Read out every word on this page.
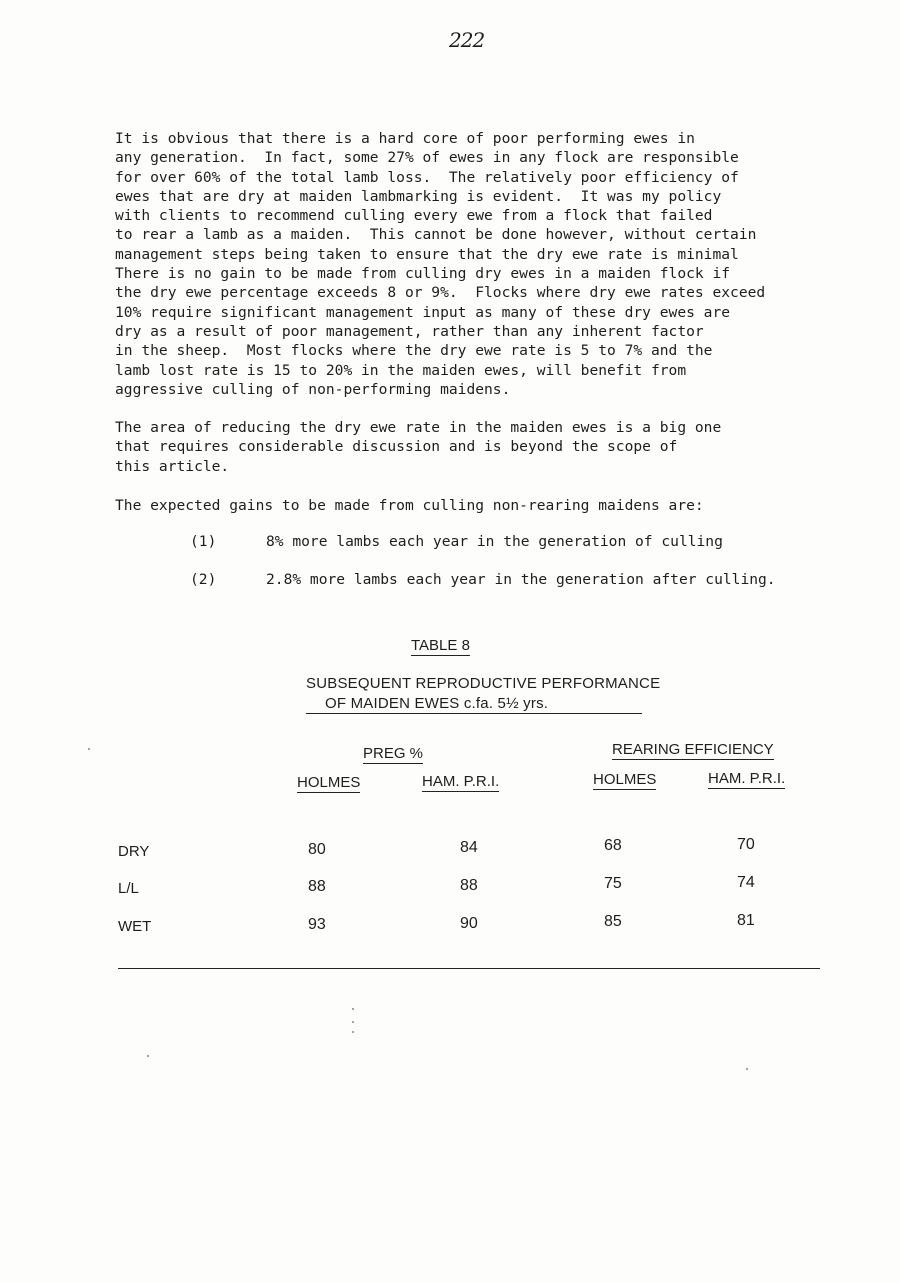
222

It is obvious that there is a hard core of poor performing ewes in
any generation.  In fact, some 27% of ewes in any flock are responsible
for over 60% of the total lamb loss.  The relatively poor efficiency of
ewes that are dry at maiden lambmarking is evident.  It was my policy
with clients to recommend culling every ewe from a flock that failed
to rear a lamb as a maiden.  This cannot be done however, without certain
management steps being taken to ensure that the dry ewe rate is minimal
There is no gain to be made from culling dry ewes in a maiden flock if
the dry ewe percentage exceeds 8 or 9%.  Flocks where dry ewe rates exceed
10% require significant management input as many of these dry ewes are
dry as a result of poor management, rather than any inherent factor
in the sheep.  Most flocks where the dry ewe rate is 5 to 7% and the
lamb lost rate is 15 to 20% in the maiden ewes, will benefit from
aggressive culling of non-performing maidens.

The area of reducing the dry ewe rate in the maiden ewes is a big one
that requires considerable discussion and is beyond the scope of
this article.

The expected gains to be made from culling non-rearing maidens are:

(1)	8% more lambs each year in the generation of culling
(2)	2.8% more lambs each year in the generation after culling.
TABLE 8
SUBSEQUENT REPRODUCTIVE PERFORMANCE
OF MAIDEN EWES c.fa. 5½ yrs.
PREG %	REARING EFFICIENCY
HOLMES	HAM. P.R.I.	HOLMES	HAM. P.R.I.
DRY	80	84	68	70
L/L	88	88	75	74
WET	93	90	85	81
